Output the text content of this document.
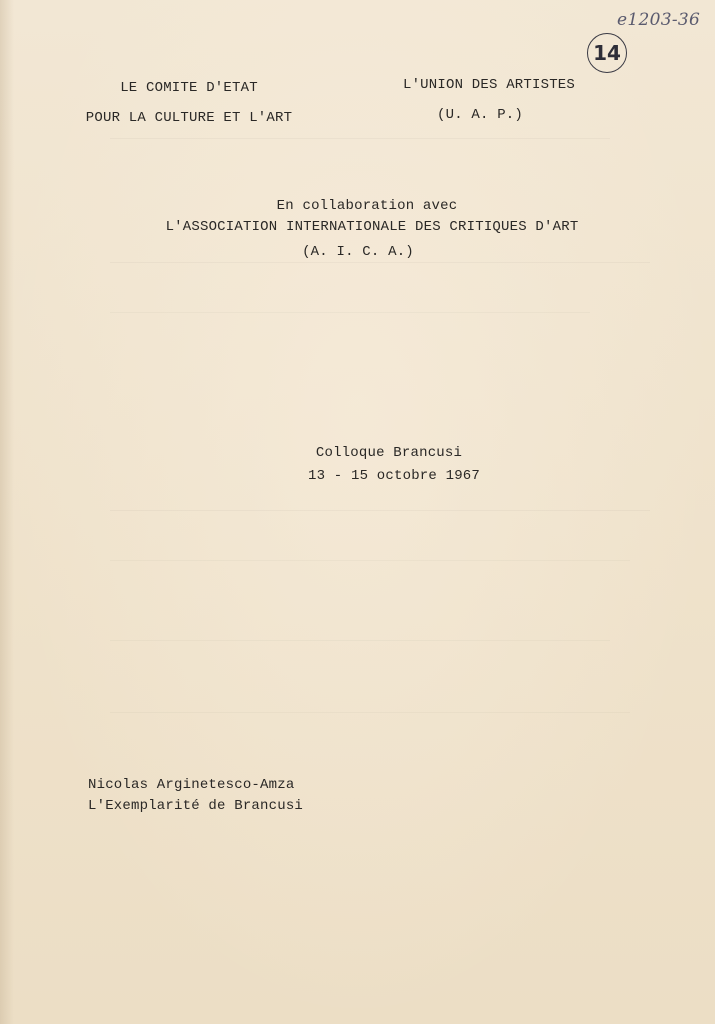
e1203-36
14
LE COMITE D'ETAT
POUR LA CULTURE ET L'ART
L'UNION DES ARTISTES
(U. A. P.)
En collaboration avec
L'ASSOCIATION INTERNATIONALE DES CRITIQUES D'ART
(A. I. C. A.)
Colloque Brancusi
13 - 15 octobre 1967
Nicolas Arginetesco-Amza
L'Exemplarité de Brancusi
